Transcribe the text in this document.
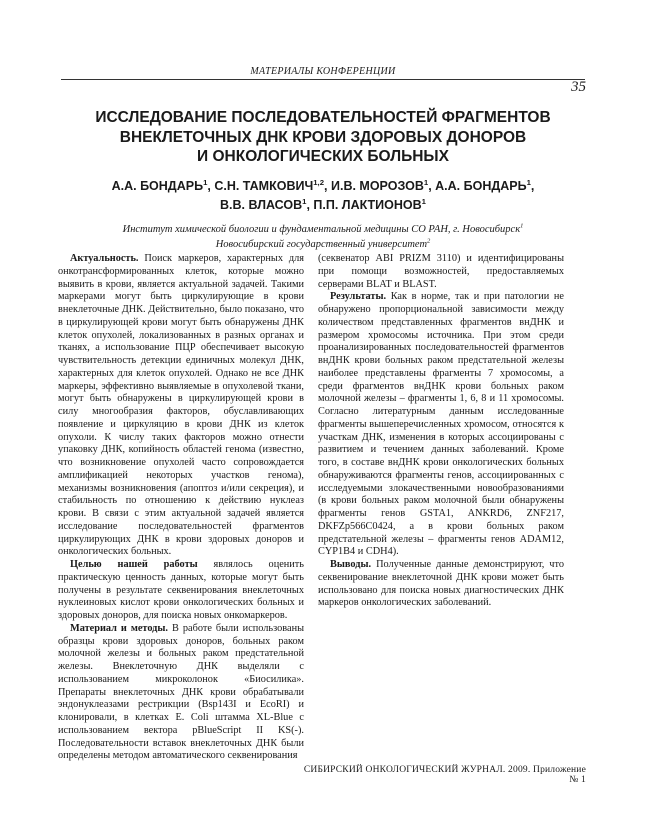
МАТЕРИАЛЫ КОНФЕРЕНЦИИ
35
ИССЛЕДОВАНИЕ ПОСЛЕДОВАТЕЛЬНОСТЕЙ ФРАГМЕНТОВ
ВНЕКЛЕТОЧНЫХ ДНК КРОВИ ЗДОРОВЫХ ДОНОРОВ
И ОНКОЛОГИЧЕСКИХ БОЛЬНЫХ
А.А. БОНДАРЬ$^1$, С.Н. ТАМКОВИЧ$^{1,2}$, И.В. МОРОЗОВ$^1$, А.А. БОНДАРЬ$^1$,
В.В. ВЛАСОВ$^1$, П.П. ЛАКТИОНОВ$^1$
Институт химической биологии и фундаментальной медицины СО РАН, г. Новосибирск$^1$
Новосибирский государственный университет$^2$

Актуальность. Поиск маркеров, характерных для онкотрансформированных клеток, которые можно выявить в крови, является актуальной задачей. Такими маркерами могут быть циркулирующие в крови внеклеточные ДНК. Действительно, было показано, что в циркулирующей крови могут быть обнаружены ДНК клеток опухолей, локализованных в разных органах и тканях, а использование ПЦР обеспечивает высокую чувствительность детекции единичных молекул ДНК, характерных для клеток опухолей. Однако не все ДНК маркеры, эффективно выявляемые в опухолевой ткани, могут быть обнаружены в циркулирующей крови в силу многообразия факторов, обуславливающих появление и циркуляцию в крови ДНК из клеток опухоли. К числу таких факторов можно отнести упаковку ДНК, копийность областей генома (известно, что возникновение опухолей часто сопровождается амплификацией некоторых участков генома), механизмы возникновения (апоптоз и/или секреция), и стабильность по отношению к действию нуклеаз крови. В связи с этим актуальной задачей является исследование последовательностей фрагментов циркулирующих ДНК в крови здоровых доноров и онкологических больных.

Целью нашей работы являлось оценить практическую ценность данных, которые могут быть получены в результате секвенирования внеклеточных нуклеиновых кислот крови онкологических больных и здоровых доноров, для поиска новых онкомаркеров.

Материал и методы. В работе были использованы образцы крови здоровых доноров, больных раком молочной железы и больных раком предстательной железы. Внеклеточную ДНК выделяли с использованием микроколонок «Биосилика». Препараты внеклеточных ДНК крови обрабатывали эндонуклеазами рестрикции (Bsp143I и EcoRI) и клонировали, в клетках E. Coli штамма XL-Blue с использованием вектора pBlueScript II KS(-). Последовательности вставок внеклеточных ДНК были определены методом автоматического секвенирования

(секвенатор ABI PRIZM 3110) и идентифицированы при помощи возможностей, предоставляемых серверами BLAT и BLAST.

Результаты. Как в норме, так и при патологии не обнаружено пропорциональной зависимости между количеством представленных фрагментов внДНК и размером хромосомы источника. При этом среди проанализированных последовательностей фрагментов внДНК крови больных раком предстательной железы наиболее представлены фрагменты 7 хромосомы, а среди фрагментов внДНК крови больных раком молочной железы – фрагменты 1, 6, 8 и 11 хромосомы. Согласно литературным данным исследованные фрагменты вышеперечисленных хромосом, относятся к участкам ДНК, изменения в которых ассоциированы с развитием и течением данных заболеваний. Кроме того, в составе внДНК крови онкологических больных обнаруживаются фрагменты генов, ассоциированных с исследуемыми злокачественными новообразованиями (в крови больных раком молочной были обнаружены фрагменты генов GSTA1, ANKRD6, ZNF217, DKFZp566C0424, а в крови больных раком предстательной железы – фрагменты генов ADAM12, CYP1B4 и CDH4).

Выводы. Полученные данные демонстрируют, что секвенирование внеклеточной ДНК крови может быть использовано для поиска новых диагностических ДНК маркеров онкологических заболеваний.

СИБИРСКИЙ ОНКОЛОГИЧЕСКИЙ ЖУРНАЛ. 2009. Приложение № 1
